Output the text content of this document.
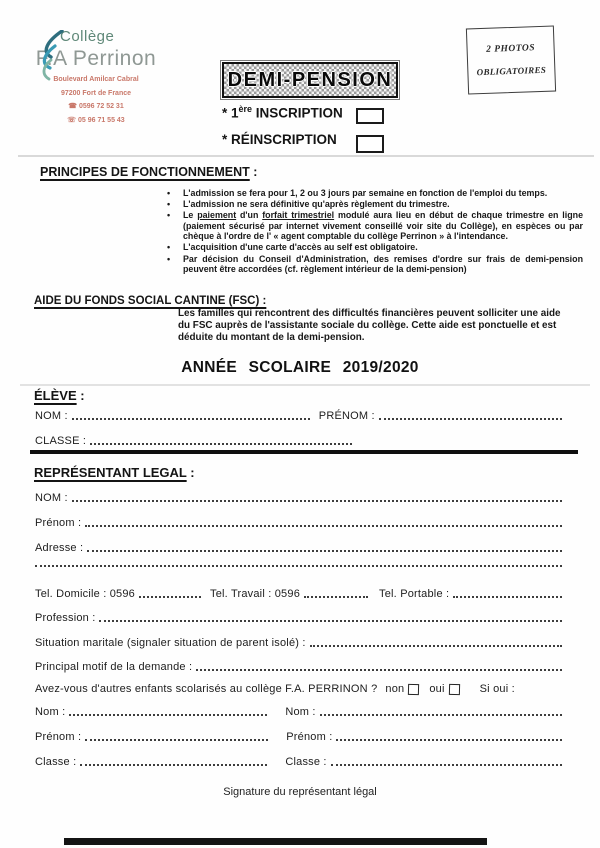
Collège
F.A Perrinon
Boulevard Amilcar Cabral
97200 Fort de France
☎ 0596 72 52 31
☏ 05 96 71 55 43
DEMI-PENSION
* 1ère INSCRIPTION
* RÉINSCRIPTION
2 PHOTOS
OBLIGATOIRES
PRINCIPES DE FONCTIONNEMENT :
• L'admission se fera pour 1, 2 ou 3 jours par semaine en fonction de l'emploi du temps.
• L'admission ne sera définitive qu'après règlement du trimestre.
• Le paiement d'un forfait trimestriel modulé aura lieu en début de chaque trimestre en ligne (paiement sécurisé par internet vivement conseillé voir site du Collège), en espèces ou par chèque à l'ordre de l' « agent comptable du collège Perrinon » à l'intendance.
• L'acquisition d'une carte d'accès au self est obligatoire.
• Par décision du Conseil d'Administration, des remises d'ordre sur frais de demi-pension peuvent être accordées (cf. règlement intérieur de la demi-pension)
AIDE DU FONDS SOCIAL CANTINE (FSC) :
Les familles qui rencontrent des difficultés financières peuvent solliciter une aide du FSC auprès de l'assistante sociale du collège. Cette aide est ponctuelle et est déduite du montant de la demi-pension.
ANNÉE SCOLAIRE 2019/2020
ÉLÈVE :
NOM :	PRÉNOM :
CLASSE :
REPRÉSENTANT LEGAL :
NOM :
Prénom :
Adresse :
Tel. Domicile : 0596	Tel. Travail : 0596	Tel. Portable :
Profession :
Situation maritale (signaler situation de parent isolé) :
Principal motif de la demande :
Avez-vous d'autres enfants scolarisés au collège F.A. PERRINON ? non oui	Si oui :
Nom :	Nom :
Prénom :	Prénom :
Classe :	Classe :
Signature du représentant légal
